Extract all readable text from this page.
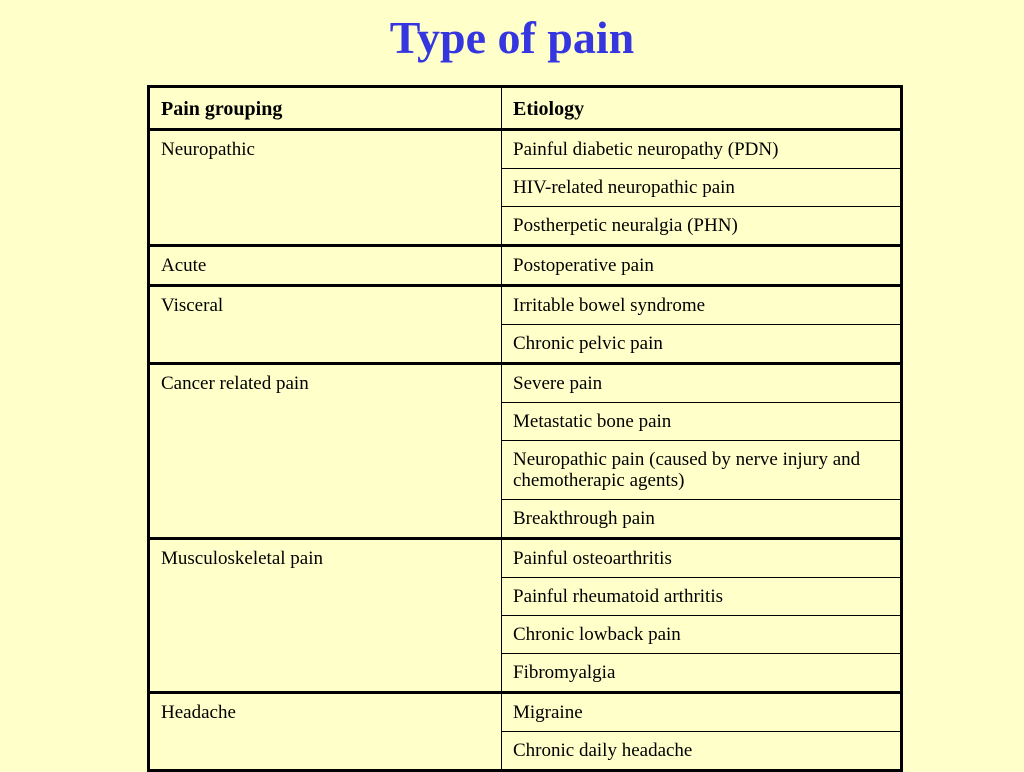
Type of pain
Pain grouping	Etiology
Neuropathic	Painful diabetic neuropathy (PDN)
	HIV-related neuropathic pain
	Postherpetic neuralgia (PHN)
Acute	Postoperative pain
Visceral	Irritable bowel syndrome
	Chronic pelvic pain
Cancer related pain	Severe pain
	Metastatic bone pain
	Neuropathic pain (caused by nerve injury and chemotherapic agents)
	Breakthrough pain
Musculoskeletal pain	Painful osteoarthritis
	Painful rheumatoid arthritis
	Chronic lowback pain
	Fibromyalgia
Headache	Migraine
	Chronic daily headache
